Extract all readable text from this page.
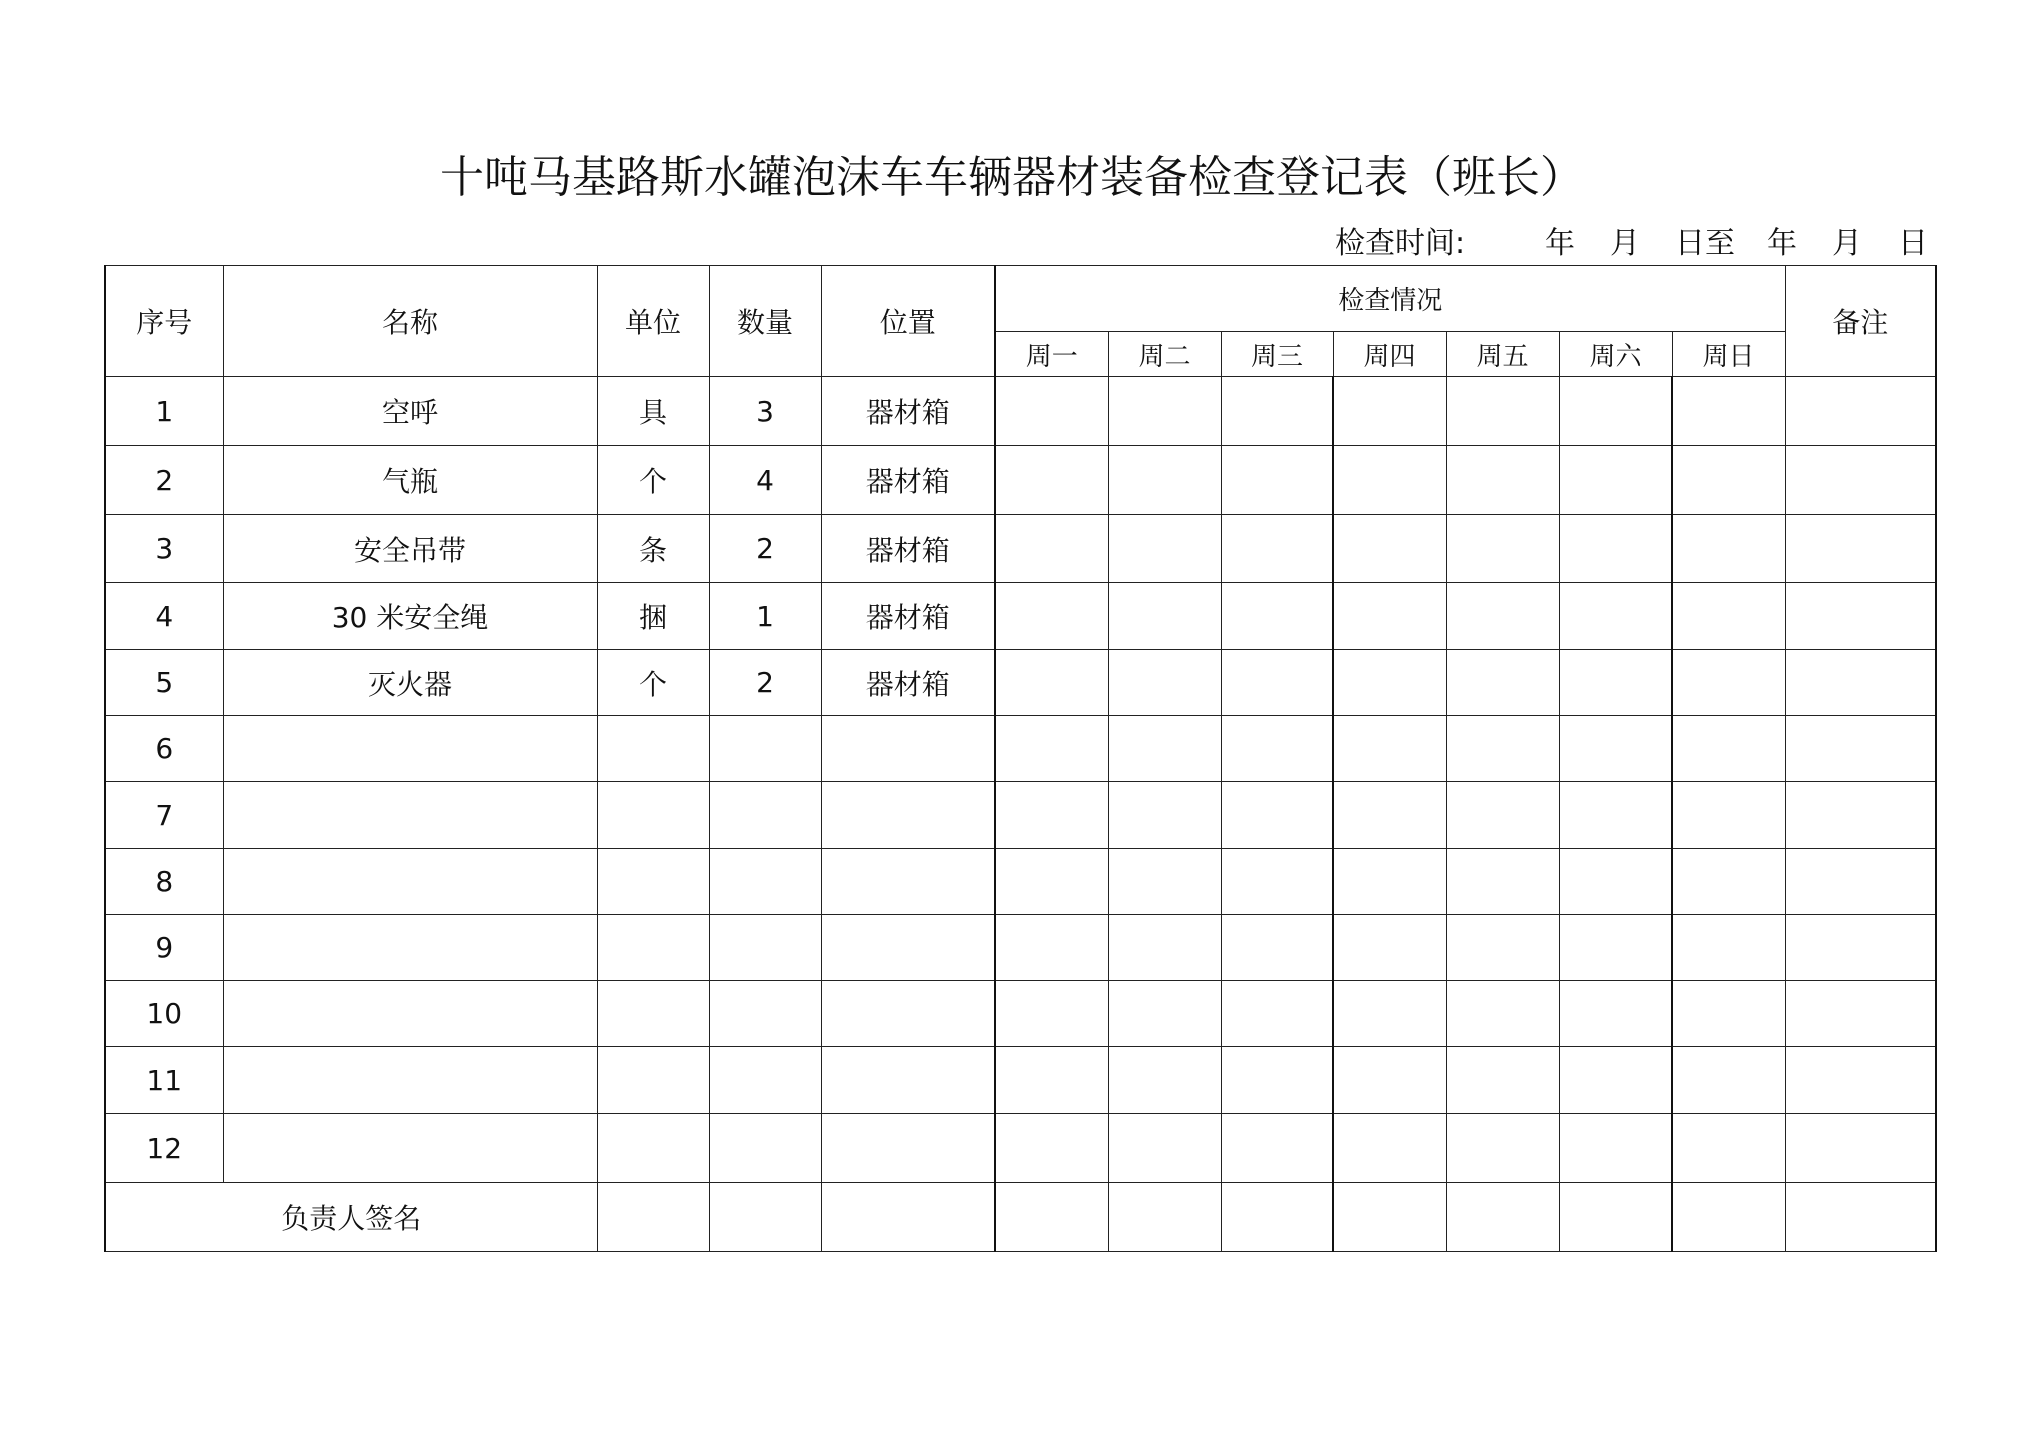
十吨马基路斯水罐泡沫车车辆器材装备检查登记表（班长）
检查时间:	年 月 日至 年 月 日
序号	名称	单位	数量	位置	检查情况							备注
					周一	周二	周三	周四	周五	周六	周日	
1	空呼	具	3	器材箱								
2	气瓶	个	4	器材箱								
3	安全吊带	条	2	器材箱								
4	30 米安全绳	捆	1	器材箱								
5	灭火器	个	2	器材箱								
6												
7												
8												
9												
10												
11												
12												
负责人签名												
